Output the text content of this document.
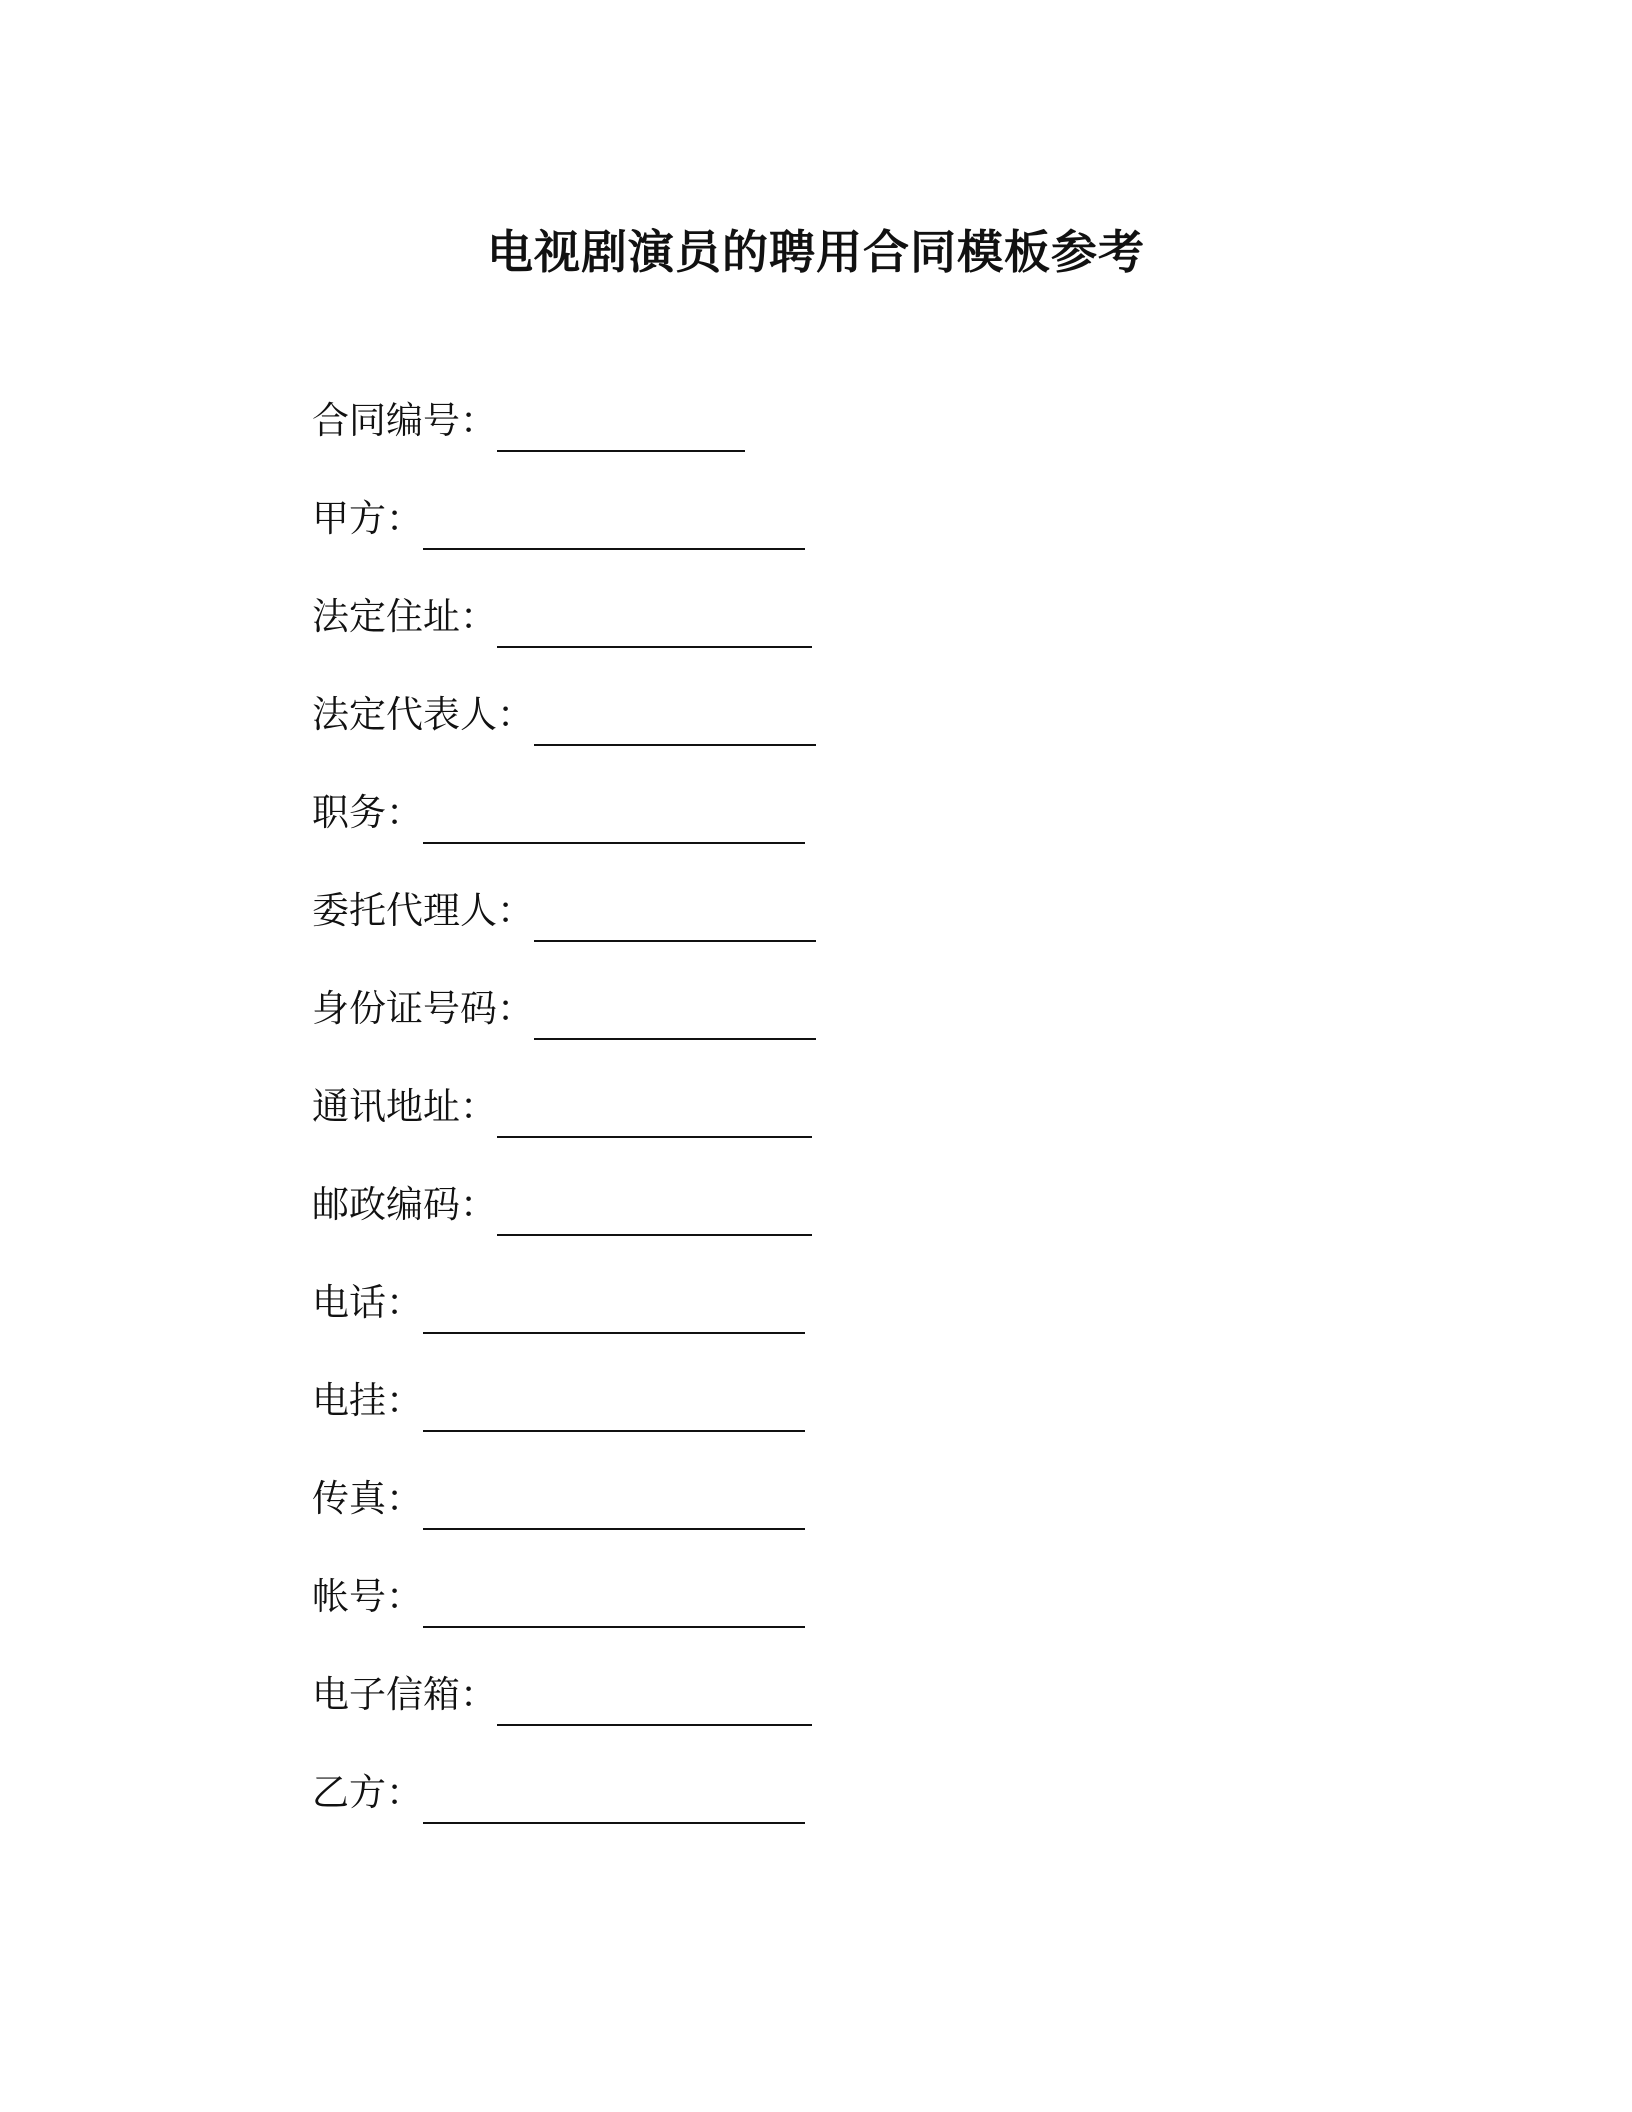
电视剧演员的聘用合同模板参考
合同编号：
甲方：
法定住址：
法定代表人：
职务：
委托代理人：
身份证号码：
通讯地址：
邮政编码：
电话：
电挂：
传真：
帐号：
电子信箱：
乙方：
